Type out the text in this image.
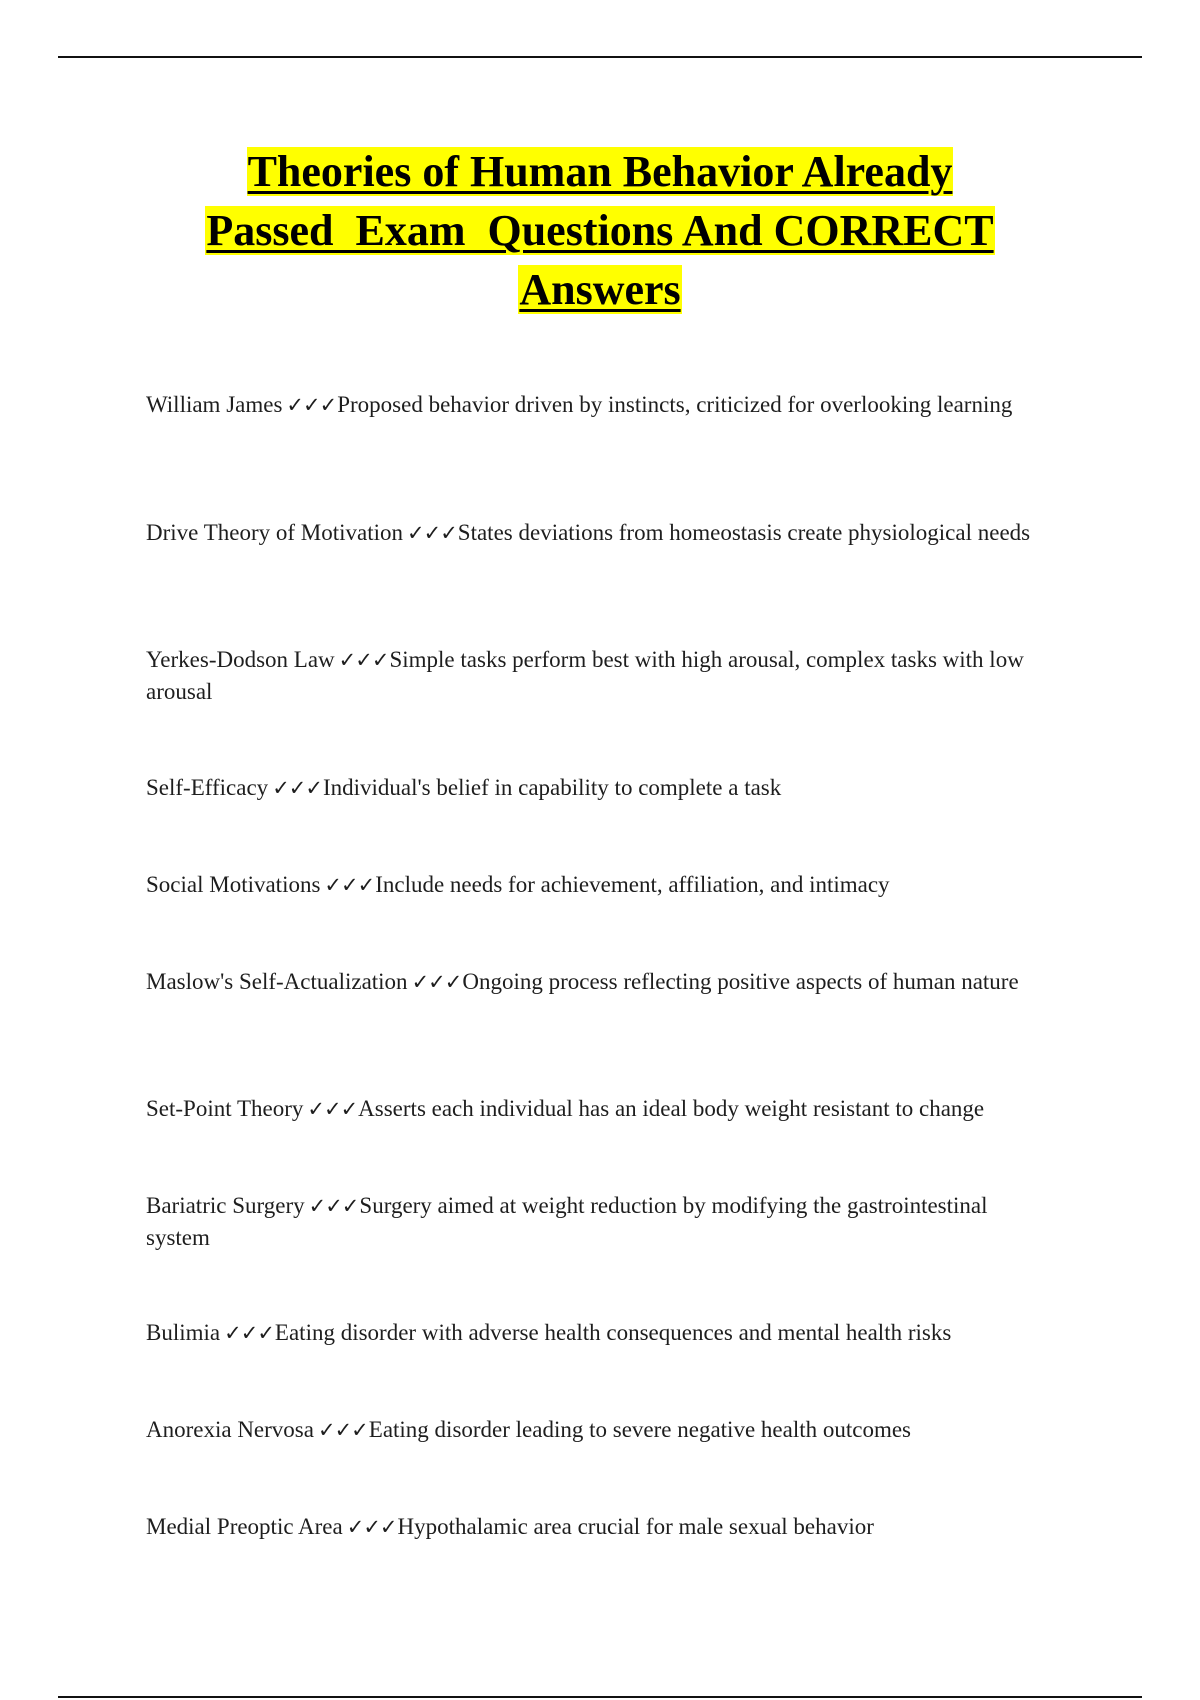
Theories of Human Behavior Already
Passed  Exam  Questions And CORRECT
Answers

William James ✓✓✓Proposed behavior driven by instincts, criticized for overlooking learning

Drive Theory of Motivation ✓✓✓States deviations from homeostasis create physiological needs

Yerkes-Dodson Law ✓✓✓Simple tasks perform best with high arousal, complex tasks with low arousal

Self-Efficacy ✓✓✓Individual's belief in capability to complete a task

Social Motivations ✓✓✓Include needs for achievement, affiliation, and intimacy

Maslow's Self-Actualization ✓✓✓Ongoing process reflecting positive aspects of human nature

Set-Point Theory ✓✓✓Asserts each individual has an ideal body weight resistant to change

Bariatric Surgery ✓✓✓Surgery aimed at weight reduction by modifying the gastrointestinal system

Bulimia ✓✓✓Eating disorder with adverse health consequences and mental health risks

Anorexia Nervosa ✓✓✓Eating disorder leading to severe negative health outcomes

Medial Preoptic Area ✓✓✓Hypothalamic area crucial for male sexual behavior
